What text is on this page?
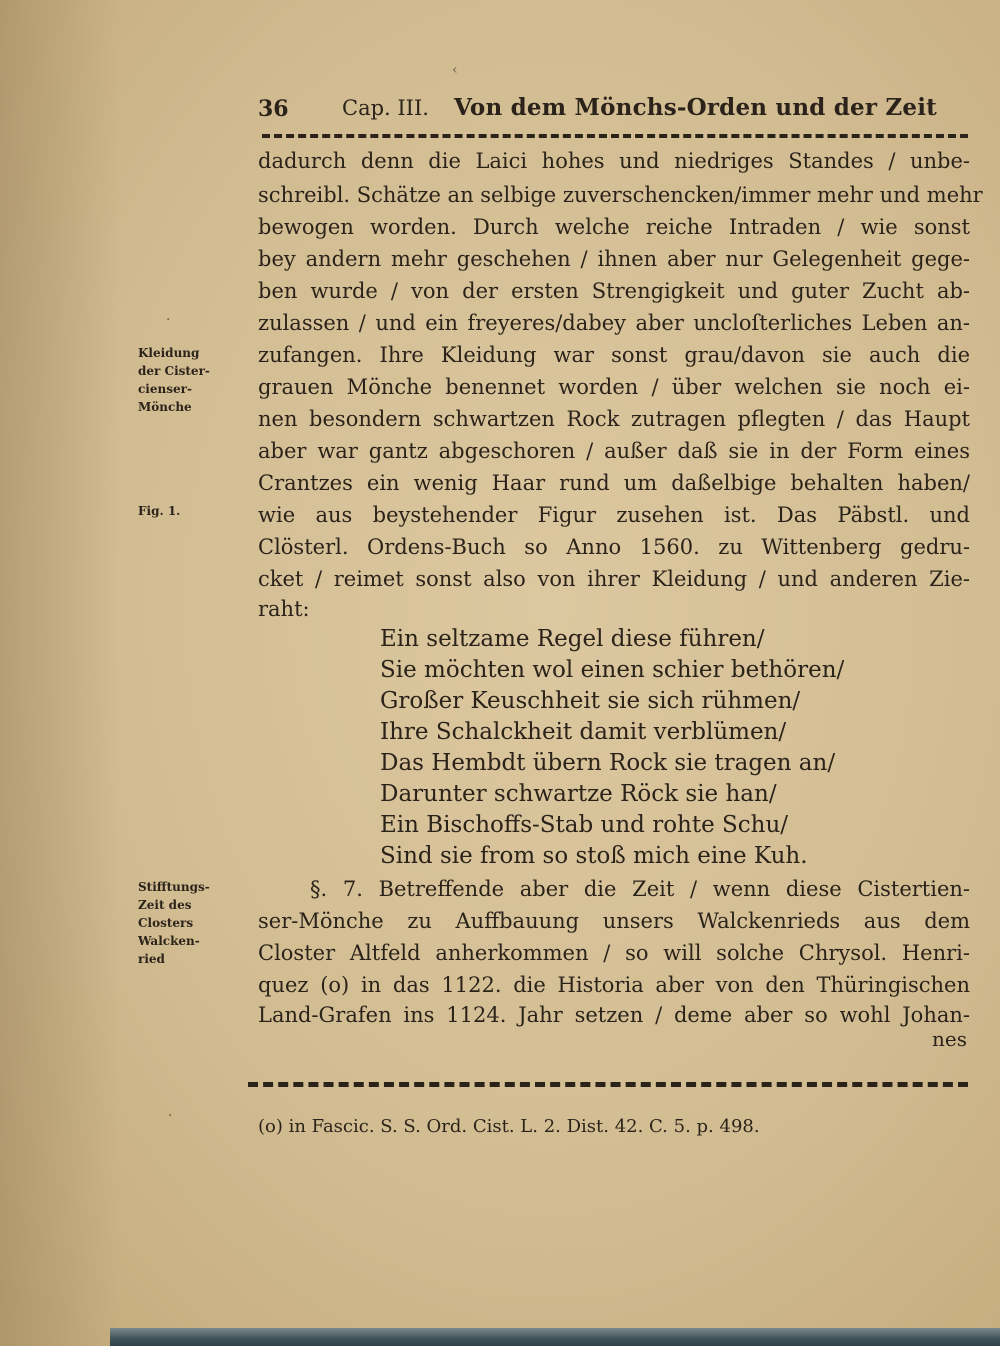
36	Cap. III. Von dem Mönchs-Orden und der Zeit
dadurch denn die Laici hohes und niedriges Standes / unbe-
schreibl. Schätze an selbige zuverschencken/immer mehr und mehr
bewogen worden. Durch welche reiche Intraden / wie sonst
bey andern mehr geschehen / ihnen aber nur Gelegenheit gege-
ben wurde / von der ersten Strengigkeit und guter Zucht ab-
zulassen / und ein freyeres/dabey aber uncloſterliches Leben an-
zufangen. Ihre Kleidung war sonst grau/davon sie auch die
grauen Mönche benennet worden / über welchen sie noch ei-
nen besondern schwartzen Rock zutragen pflegten / das Haupt
aber war gantz abgeschoren / außer daß sie in der Form eines
Crantzes ein wenig Haar rund um daßelbige behalten haben/
wie aus beystehender Figur zusehen ist. Das Päbstl. und
Clösterl. Ordens-Buch so Anno 1560. zu Wittenberg gedru-
cket / reimet sonst also von ihrer Kleidung / und anderen Zie-
raht:
Ein seltzame Regel diese führen/
Sie möchten wol einen schier bethören/
Großer Keuschheit sie sich rühmen/
Ihre Schalckheit damit verblümen/
Das Hembdt übern Rock sie tragen an/
Darunter schwartze Röck sie han/
Ein Bischoffs-Stab und rohte Schu/
Sind sie from so stoß mich eine Kuh.
§. 7. Betreffende aber die Zeit / wenn diese Cistertien-
ser-Mönche zu Auffbauung unsers Walckenrieds aus dem
Closter Altfeld anherkommen / so will solche Chrysol. Henri-
quez (o) in das 1122. die Historia aber von den Thüringischen
Land-Grafen ins 1124. Jahr setzen / deme aber so wohl Johan-
nes
Kleidung
der Cister-
cienser-
Mönche
Fig. 1.
Stifftungs-
Zeit des
Closters
Walcken-
ried
(o) in Fascic. S. S. Ord. Cist. L. 2. Dist. 42. C. 5. p. 498.
‹
·
·
